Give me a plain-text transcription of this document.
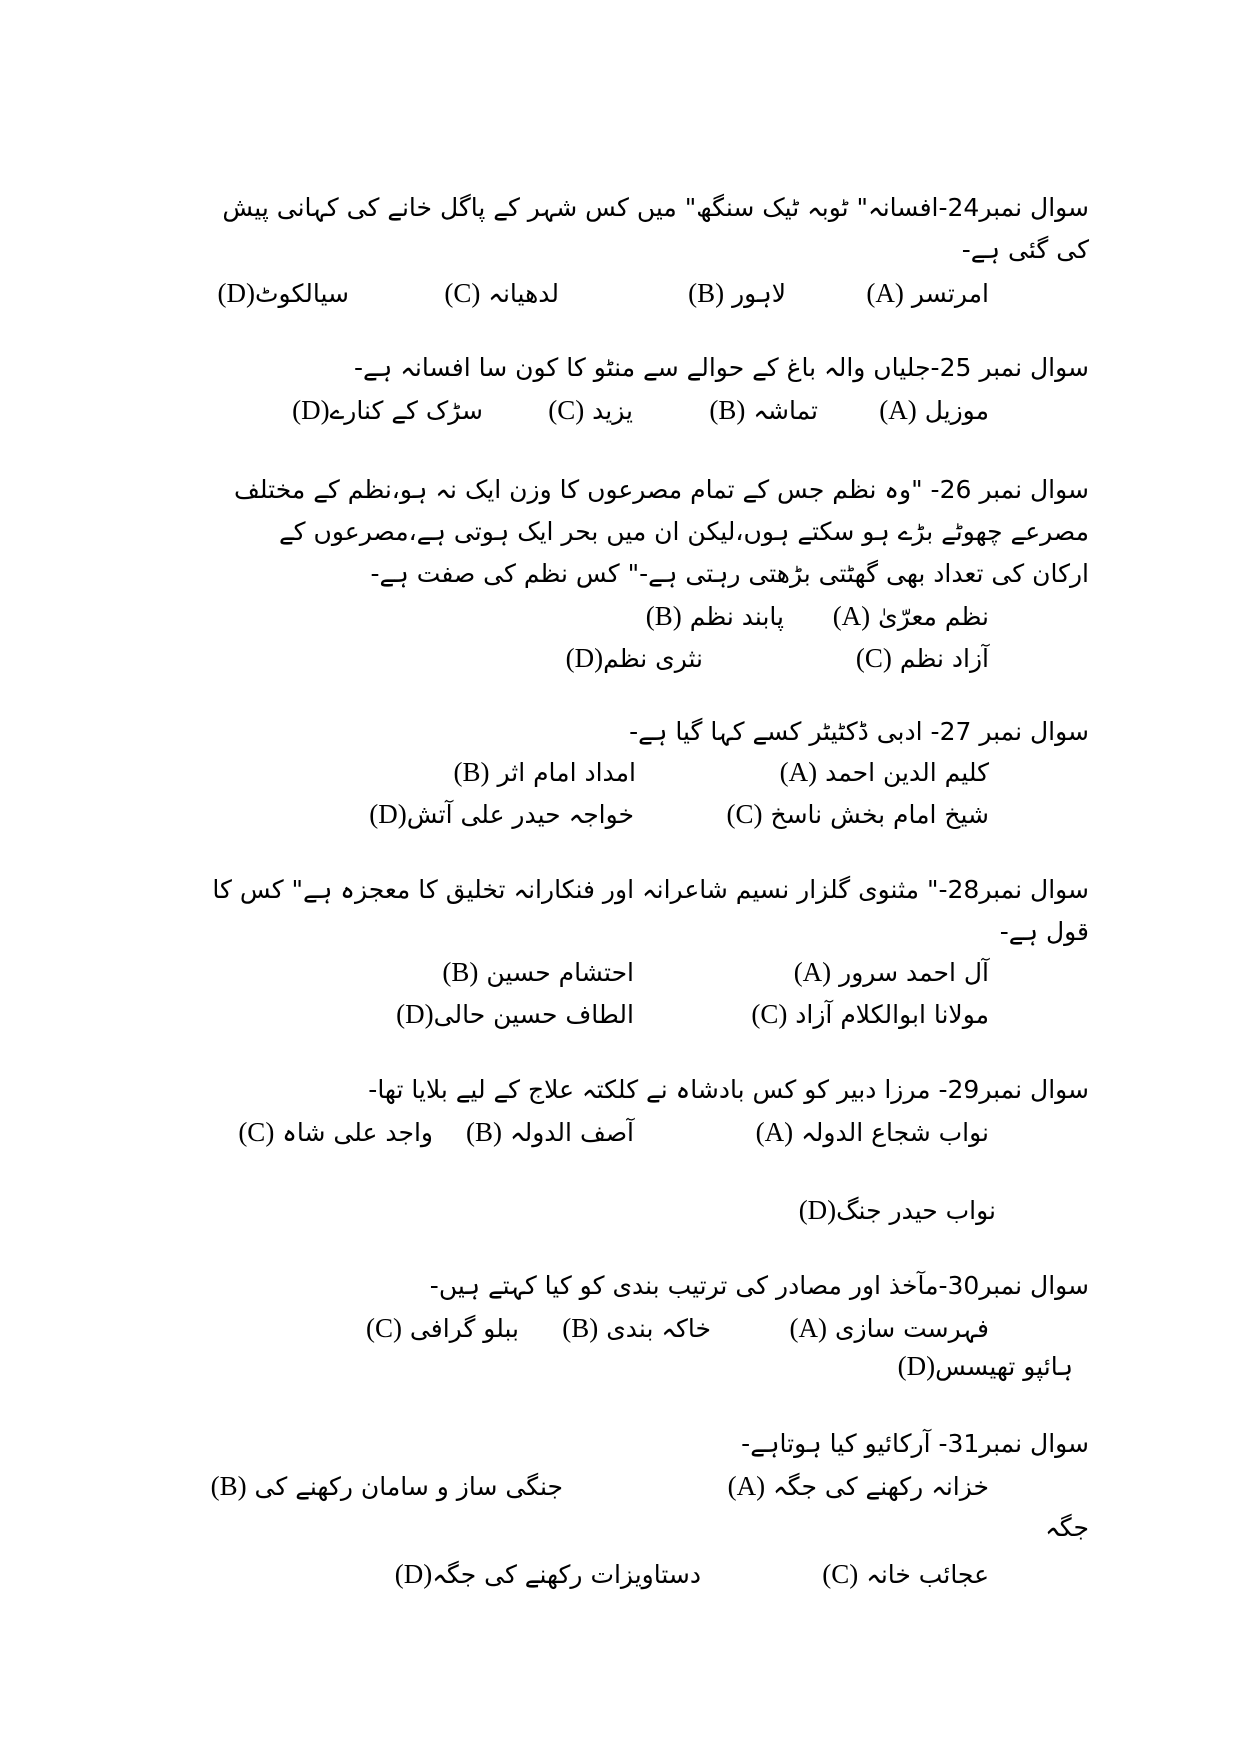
سوال نمبر24-افسانہ" ٹوبہ ٹیک سنگھ" میں کس شہر کے پاگل خانے کی کہانی پیش

کی گئی ہے-

(A) امرتسر
(B) لاہور
(C) لدھیانہ
(D)سیالکوٹ

سوال نمبر 25-جلیاں والہ باغ کے حوالے سے منٹو کا کون سا افسانہ ہے-

(A) موزیل
(B) تماشہ
(C) یزید
(D)سڑک کے کنارے

سوال نمبر 26- "وہ نظم جس کے تمام مصرعوں کا وزن ایک نہ ہو،نظم کے مختلف

مصرعے چھوٹے بڑے ہو سکتے ہوں،لیکن ان میں بحر ایک ہوتی ہے،مصرعوں کے

ارکان کی تعداد بھی گھٹتی بڑھتی رہتی ہے-" کس نظم کی صفت ہے-

(A) نظم معرّیٰ
(B) پابند نظم
(C) آزاد نظم
(D)نثری نظم

سوال نمبر 27- ادبی ڈکٹیٹر کسے کہا گیا ہے-

(A) کلیم الدین احمد
(B) امداد امام اثر
(C) شیخ امام بخش ناسخ
(D)خواجہ حیدر علی آتش

سوال نمبر28-" مثنوی گلزار نسیم شاعرانہ اور فنکارانہ تخلیق کا معجزہ ہے" کس کا

قول ہے-

(A) آل احمد سرور
(B) احتشام حسین
(C) مولانا ابوالکلام آزاد
(D)الطاف حسین حالی

سوال نمبر29- مرزا دبیر کو کس بادشاہ نے کلکتہ علاج کے لیے بلایا تھا-

(A) نواب شجاع الدولہ
(B) آصف الدولہ
(C) واجد علی شاہ
(D)نواب حیدر جنگ

سوال نمبر30-مآخذ اور مصادر کی ترتیب بندی کو کیا کہتے ہیں-

(A) فہرست سازی
(B) خاکہ بندی
(C) ببلو گرافی
(D)ہائپو تھیسس

سوال نمبر31- آرکائیو کیا ہوتاہے-

(A) خزانہ رکھنے کی جگہ
(B) جنگی ساز و سامان رکھنے کی
جگہ
(C) عجائب خانہ
(D)دستاویزات رکھنے کی جگہ
